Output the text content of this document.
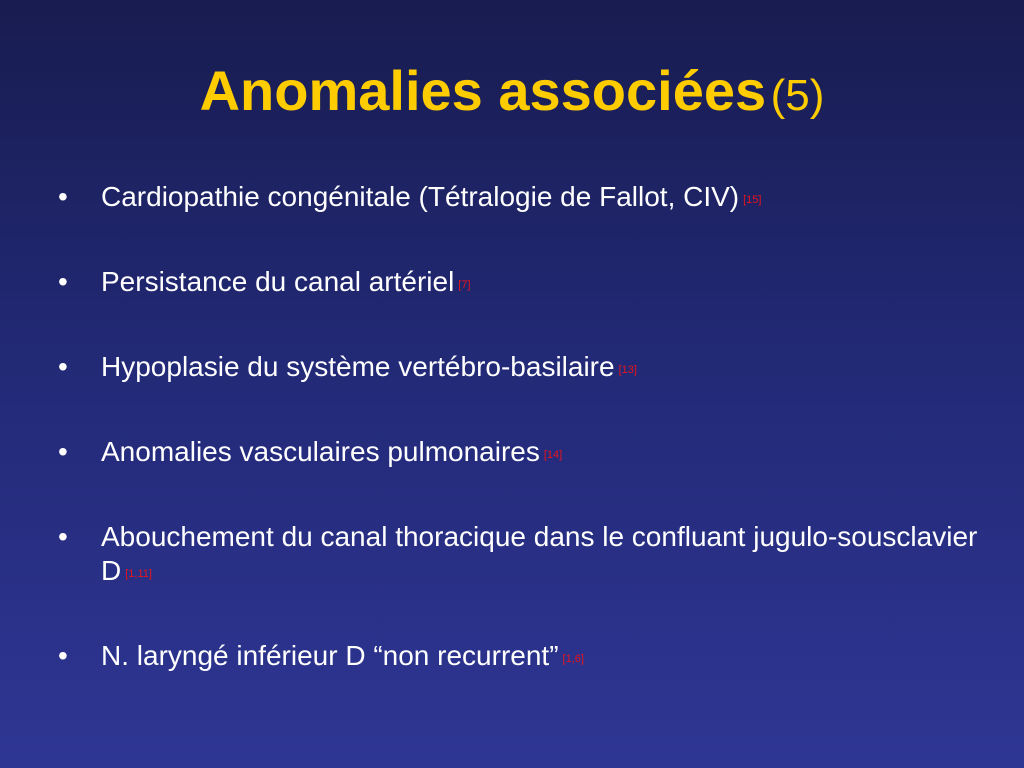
Anomalies associées (5)
• Cardiopathie congénitale (Tétralogie de Fallot, CIV) [15]
• Persistance du canal artériel [7]
• Hypoplasie du système vertébro-basilaire [13]
• Anomalies vasculaires pulmonaires [14]
• Abouchement du canal thoracique dans le confluant jugulo-sousclavier D [1,11]
• N. laryngé inférieur D “non recurrent” [1,6]
